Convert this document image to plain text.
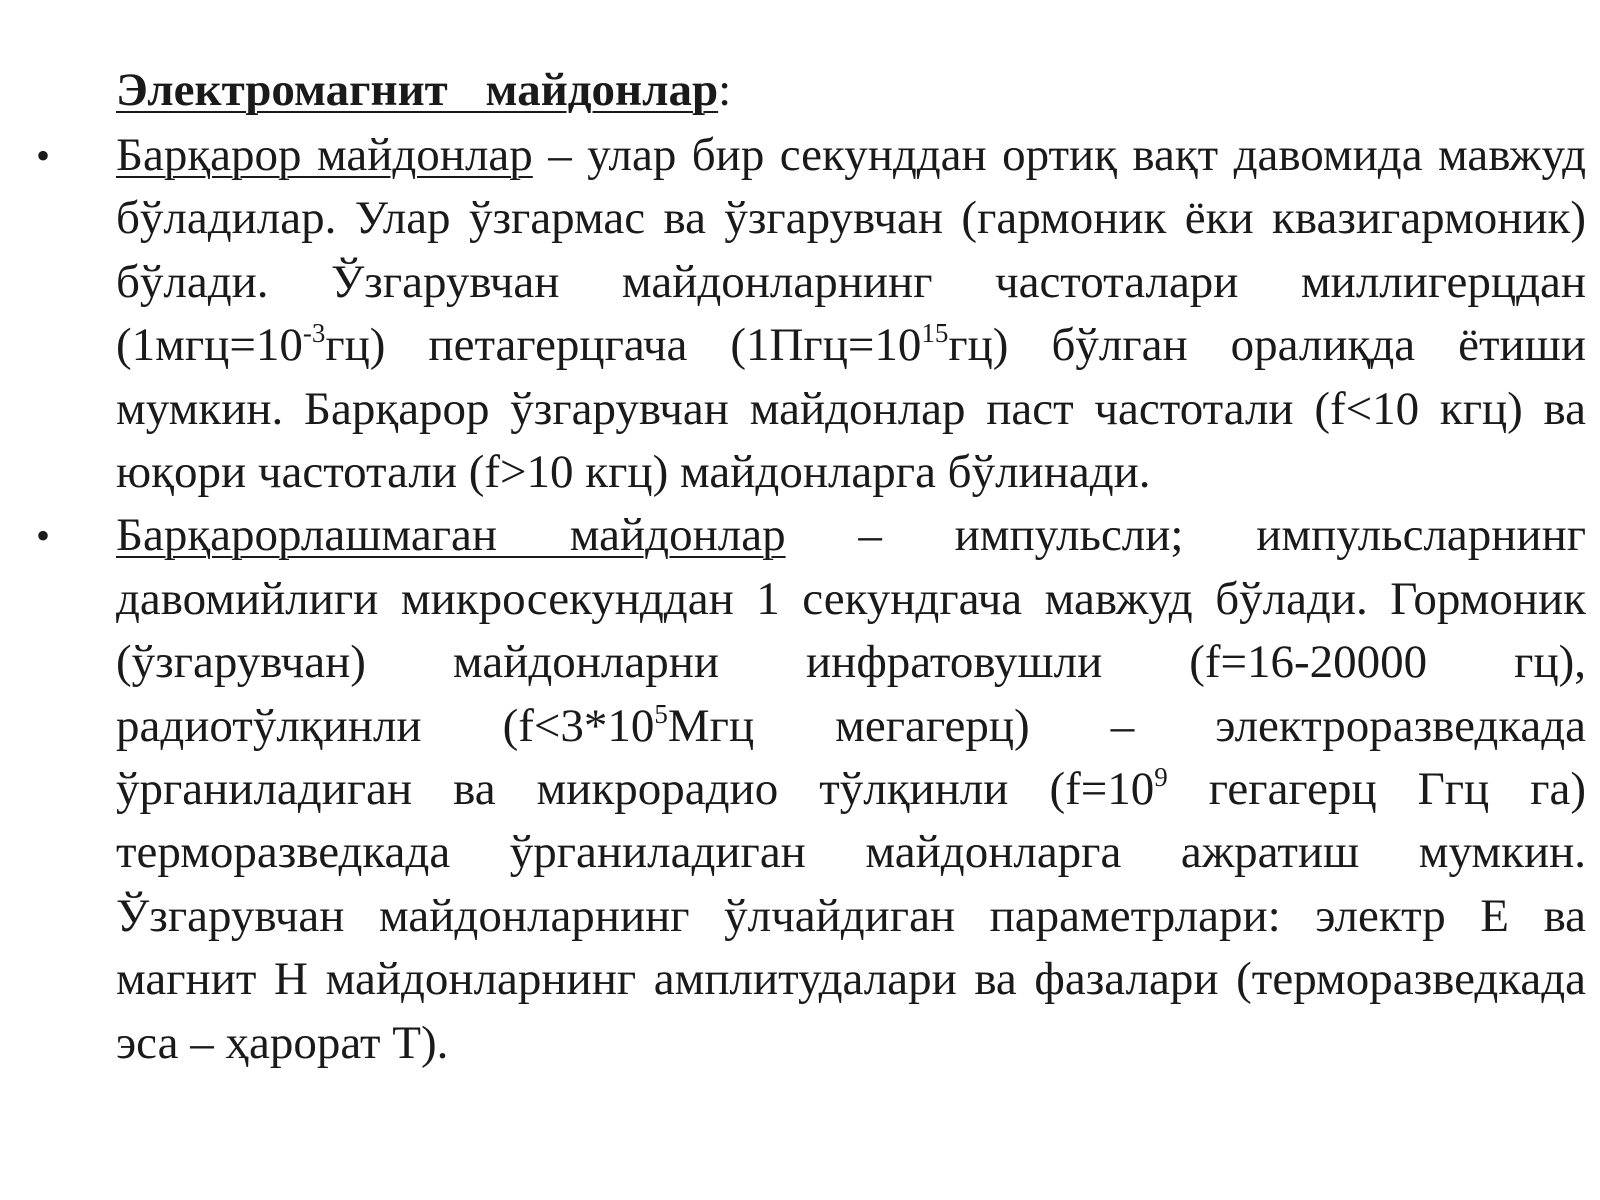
Электромагнит майдонлар:
• Барқарор майдонлар – улар бир секунддан ортиқ вақт давомида мавжуд бўладилар. Улар ўзгармас ва ўзгарувчан (гармоник ёки квазигармоник) бўлади. Ўзгарувчан майдонларнинг частоталари миллигерцдан $(1мгц=10^{-3}гц)$ петагерцгача $(1Пгц=10^{15}гц)$ бўлган оралиқда ётиши мумкин. Барқарор ўзгарувчан майдонлар паст частотали (f<10 кгц) ва юқори частотали (f>10 кгц) майдонларга бўлинади.
• Барқарорлашмаган майдонлар – импульсли; импульсларнинг давомийлиги микросекунддан 1 секундгача мавжуд бўлади. Гормоник (ўзгарувчан) майдонларни инфратовушли (f=16-20000 гц), радиотўлқинли ($f<3*10^5Мгц$ мегагерц) – электроразведкада ўрганиладиган ва микрорадио тўлқинли ($f=10^9$ гегагерц Ггц га) терморазведкада ўрганиладиган майдонларга ажратиш мумкин. Ўзгарувчан майдонларнинг ўлчайдиган параметрлари: электр Е ва магнит Н майдонларнинг амплитудалари ва фазалари (терморазведкада эса – ҳарорат Т).
